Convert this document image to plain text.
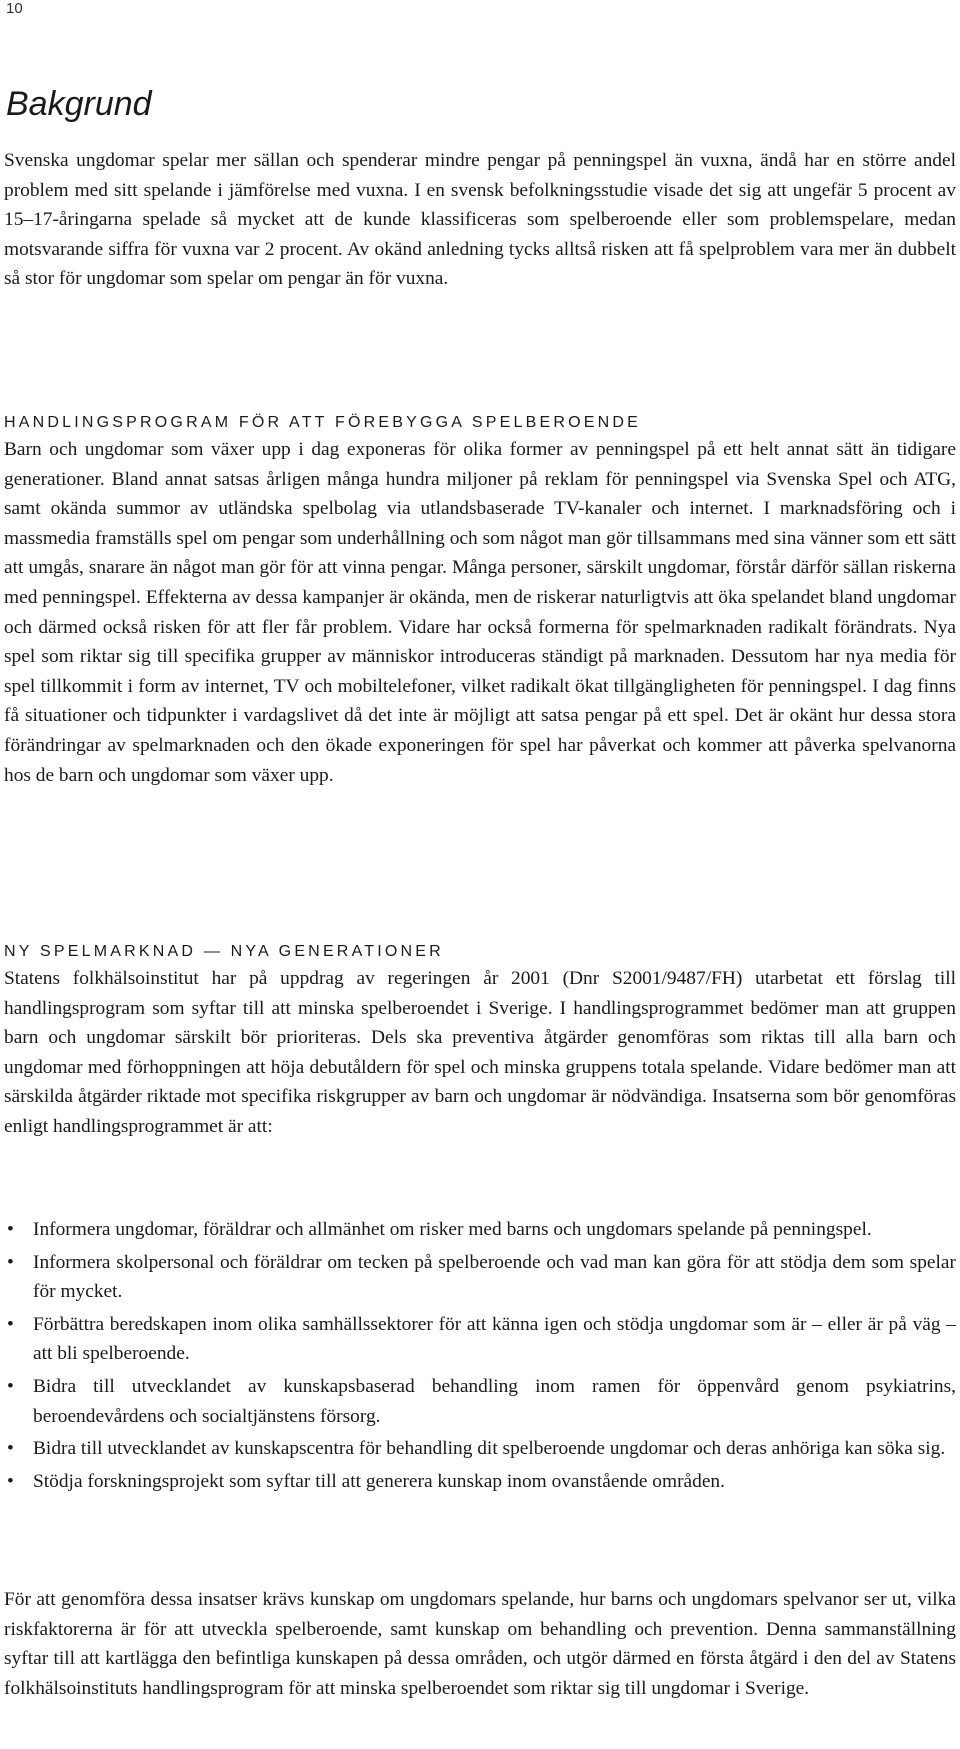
10
Bakgrund

Svenska ungdomar spelar mer sällan och spenderar mindre pengar på penningspel än vuxna, ändå har en större andel problem med sitt spelande i jämförelse med vuxna. I en svensk befolkningsstudie visade det sig att ungefär 5 procent av 15–17-åringarna spelade så mycket att de kunde klassificeras som spelberoende eller som problemspelare, medan motsvarande siffra för vuxna var 2 procent. Av okänd anledning tycks alltså risken att få spelproblem vara mer än dubbelt så stor för ungdomar som spelar om pengar än för vuxna.

HANDLINGSPROGRAM FÖR ATT FÖREBYGGA SPELBEROENDE

Barn och ungdomar som växer upp i dag exponeras för olika former av penningspel på ett helt annat sätt än tidigare generationer. Bland annat satsas årligen många hundra miljoner på reklam för penningspel via Svenska Spel och ATG, samt okända summor av utländska spelbolag via utlandsbaserade TV-kanaler och internet. I marknadsföring och i massmedia framställs spel om pengar som underhållning och som något man gör tillsammans med sina vänner som ett sätt att umgås, snarare än något man gör för att vinna pengar. Många personer, särskilt ungdomar, förstår därför sällan riskerna med penningspel. Effekterna av dessa kampanjer är okända, men de riskerar naturligtvis att öka spelandet bland ungdomar och därmed också risken för att fler får problem. Vidare har också formerna för spelmarknaden radikalt förändrats. Nya spel som riktar sig till specifika grupper av människor introduceras ständigt på marknaden. Dessutom har nya media för spel tillkommit i form av internet, TV och mobiltelefoner, vilket radikalt ökat tillgängligheten för penningspel. I dag finns få situationer och tidpunkter i vardagslivet då det inte är möjligt att satsa pengar på ett spel. Det är okänt hur dessa stora förändringar av spelmarknaden och den ökade exponeringen för spel har påverkat och kommer att påverka spelvanorna hos de barn och ungdomar som växer upp.

NY SPELMARKNAD — NYA GENERATIONER

Statens folkhälsoinstitut har på uppdrag av regeringen år 2001 (Dnr S2001/9487/FH) utarbetat ett förslag till handlingsprogram som syftar till att minska spelberoendet i Sverige. I handlingsprogrammet bedömer man att gruppen barn och ungdomar särskilt bör prioriteras. Dels ska preventiva åtgärder genomföras som riktas till alla barn och ungdomar med förhoppningen att höja debutåldern för spel och minska gruppens totala spelande. Vidare bedömer man att särskilda åtgärder riktade mot specifika riskgrupper av barn och ungdomar är nödvändiga. Insatserna som bör genomföras enligt handlingsprogrammet är att:

• Informera ungdomar, föräldrar och allmänhet om risker med barns och ungdomars spelande på penningspel.
• Informera skolpersonal och föräldrar om tecken på spelberoende och vad man kan göra för att stödja dem som spelar för mycket.
• Förbättra beredskapen inom olika samhällssektorer för att känna igen och stödja ungdomar som är – eller är på väg – att bli spelberoende.
• Bidra till utvecklandet av kunskapsbaserad behandling inom ramen för öppenvård genom psykiatrins, beroendevårdens och socialtjänstens försorg.
• Bidra till utvecklandet av kunskapscentra för behandling dit spelberoende ungdomar och deras anhöriga kan söka sig.
• Stödja forskningsprojekt som syftar till att generera kunskap inom ovanstående områden.

För att genomföra dessa insatser krävs kunskap om ungdomars spelande, hur barns och ungdomars spelvanor ser ut, vilka riskfaktorerna är för att utveckla spelberoende, samt kunskap om behandling och prevention. Denna sammanställning syftar till att kartlägga den befintliga kunskapen på dessa områden, och utgör därmed en första åtgärd i den del av Statens folkhälsoinstituts handlingsprogram för att minska spelberoendet som riktar sig till ungdomar i Sverige.
